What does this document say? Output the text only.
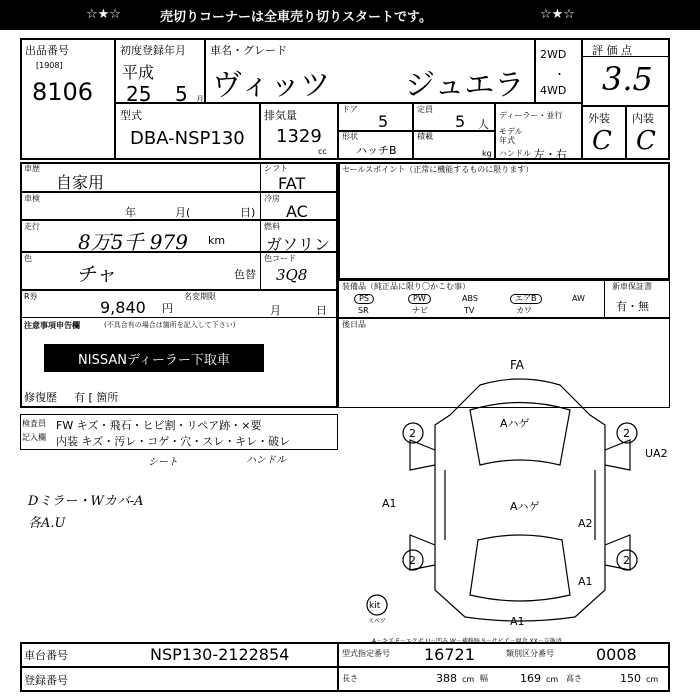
☆★☆	売切りコーナーは全車売り切りスタートです。	☆★☆
出品番号
[1908]
8106
初度登録年月
平成
25 5 月
車名・グレード
ヴィッツ ジュエラ
2WD
・
4WD
評 価 点
3.5
外装 内装
C C
型式
DBA-NSP130
排気量
1329
cc
ドア
5
定員
5 人
形状
ハッチB
積載
kg
ディーラー・並行
モデル
年式
ハンドル 左・右
車歴
自家用
車検
年	月(	日)
走行
8万5千 979 km
色
チャ	色替
R券
9,840 円
名変期限
月	日
注意事項申告欄	(不具合有の場合は箇所を記入して下さい)
NISSANディーラー下取車
修復歴 有 [ 箇所
シフト
FAT
冷房
AC
燃料
ガソリン
色コード
3Q8
セールスポイント（正常に機能するものに限ります）
装備品（純正品に限り〇かこむ事）	新車保証書
有・無
PS	PW	ABS	エアB	AW
SR	ナビ	TV	カワ
後日品
検査員
記入欄
FW キズ・飛石・ヒビ割・リペア跡・×要
内装 キズ・汚レ・コゲ・穴・スレ・キレ・破レ
シート	ハンドル
Dミラー・Wカバ-A
各A.U
FA
Aハゲ
Aハゲ
UA2
A1
A2
A1
A1
2	2
2	2
kit
スペア
A－キズ E－エクボ U－凹み W－補修跡 S－サビ C－腐食 XX－交換済
車台番号	NSP130-2122854
登録番号
型式指定番号 16721	類別区分番号	0008
長さ	388 cm 幅	169 cm 高さ	150 cm
